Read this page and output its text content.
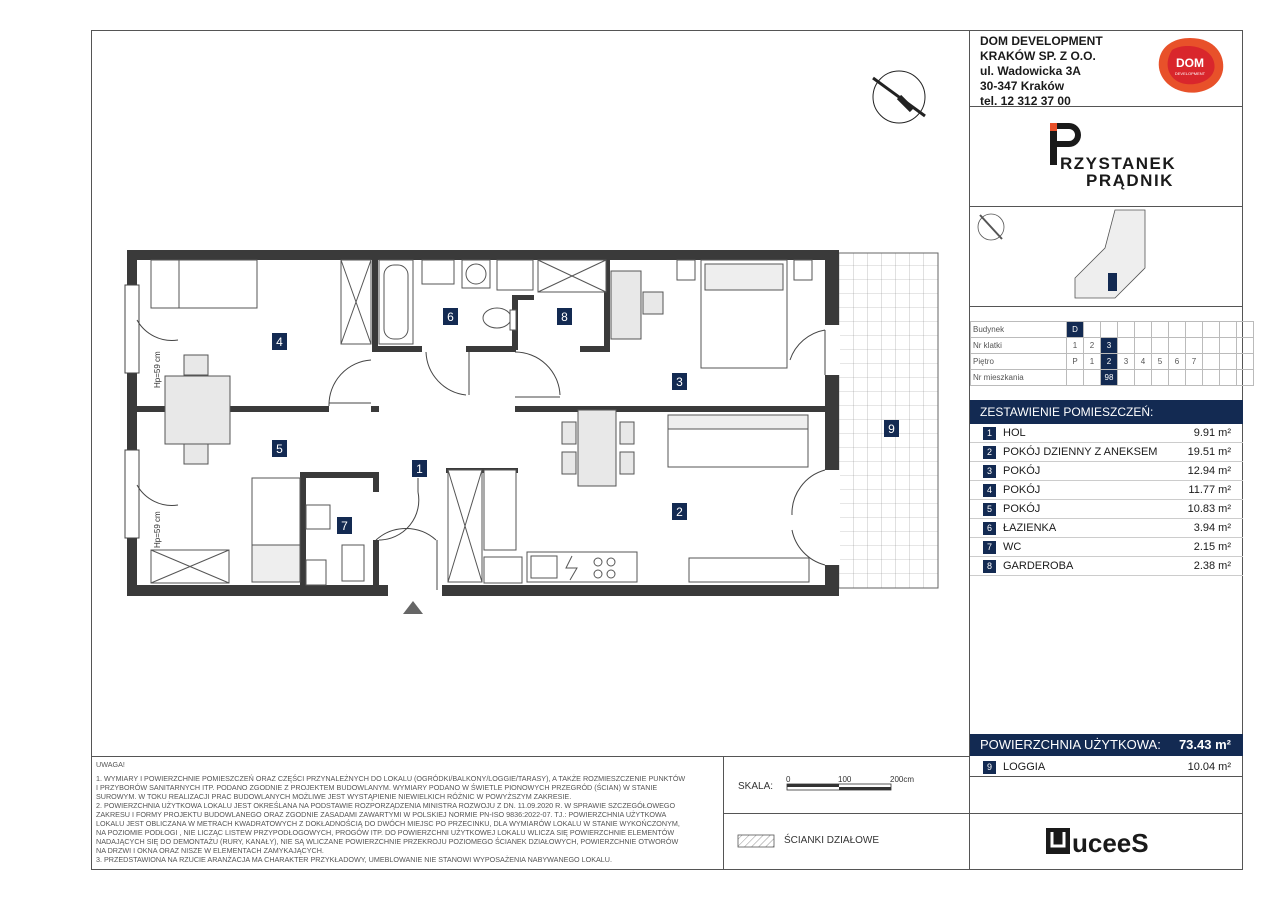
Hp=59 cm
Hp=59 cm
1
2
3
4
5
6
7
8
9
0	100	200cm
DOM
DEVELOPMENT
uceeS
DOM DEVELOPMENT
KRAKÓW SP. Z O.O.
ul. Wadowicka 3A
30-347 Kraków
tel. 12 312 37 00
RZYSTANEK
PRĄDNIK
Budynek	D										
Nr klatki	1	2	3								
Piętro	P	1	2	3	4	5	6	7			
Nr mieszkania			98								
ZESTAWIENIE POMIESZCZEŃ:
1	HOL	9.91 m²
2	POKÓJ DZIENNY Z ANEKSEM	19.51 m²
3	POKÓJ	12.94 m²
4	POKÓJ	11.77 m²
5	POKÓJ	10.83 m²
6	ŁAZIENKA	3.94 m²
7	WC	2.15 m²
8	GARDEROBA	2.38 m²
POWIERZCHNIA UŻYTKOWA: 73.43 m²
9	LOGGIA	10.04 m²
UWAGA!
1. WYMIARY I POWIERZCHNIE POMIESZCZEŃ ORAZ CZĘŚCI PRZYNALEŻNYCH DO LOKALU (OGRÓDKI/BALKONY/LOGGIE/TARASY), A TAKŻE ROZMIESZCZENIE PUNKTÓW
I PRZYBORÓW SANITARNYCH ITP. PODANO ZGODNIE Z PROJEKTEM BUDOWLANYM. WYMIARY PODANO W ŚWIETLE PIONOWYCH PRZEGRÓD (ŚCIAN) W STANIE
SUROWYM. W TOKU REALIZACJI PRAC BUDOWLANYCH MOŻLIWE JEST WYSTĄPIENIE NIEWIELKICH RÓŻNIC W POWYŻSZYM ZAKRESIE.
2. POWIERZCHNIA UŻYTKOWA LOKALU JEST OKREŚLANA NA PODSTAWIE ROZPORZĄDZENIA MINISTRA ROZWOJU Z DN. 11.09.2020 R. W SPRAWIE SZCZEGÓŁOWEGO
ZAKRESU I FORMY PROJEKTU BUDOWLANEGO ORAZ ZGODNIE ZASADAMI ZAWARTYMI W POLSKIEJ NORMIE PN-ISO 9836:2022-07. TJ.: POWIERZCHNIA UŻYTKOWA
LOKALU JEST OBLICZANA W METRACH KWADRATOWYCH Z DOKŁADNOŚCIĄ DO DWÓCH MIEJSC PO PRZECINKU, DLA WYMIARÓW LOKALU W STANIE WYKOŃCZONYM,
NA POZIOMIE PODŁOGI , NIE LICZĄC LISTEW PRZYPODŁOGOWYCH, PROGÓW ITP. DO POWIERZCHNI UŻYTKOWEJ LOKALU WLICZA SIĘ POWIERZCHNIE ELEMENTÓW
NADAJĄCYCH SIĘ DO DEMONTAŻU (RURY, KANAŁY), NIE SĄ WLICZANE POWIERZCHNIE PRZEKROJU POZIOMEGO ŚCIANEK DZIAŁOWYCH, POWIERZCHNIE OTWORÓW
NA DRZWI I OKNA ORAZ NISZE W ELEMENTACH ZAMYKAJĄCYCH.
3. PRZEDSTAWIONA NA RZUCIE ARANŻACJA MA CHARAKTER PRZYKŁADOWY, UMEBLOWANIE NIE STANOWI WYPOSAŻENIA NABYWANEGO LOKALU.
SKALA:
ŚCIANKI DZIAŁOWE
